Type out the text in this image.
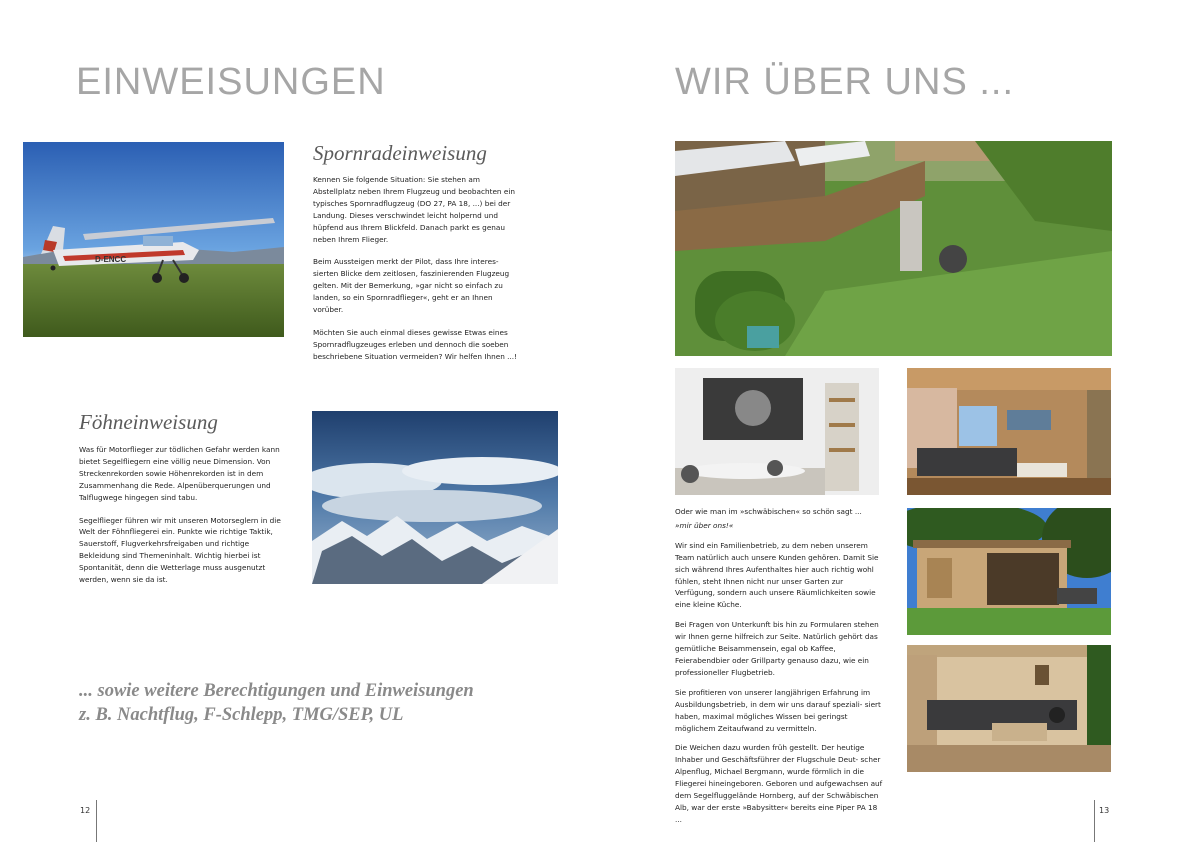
EINWEISUNGEN
D-ENCC
Spornradeinweisung

Kennen Sie folgende Situation: Sie stehen am Abstellplatz neben Ihrem Flugzeug und beobachten ein typisches Spornradflugzeug (DO 27, PA 18, ...) bei der Landung. Dieses verschwindet leicht holpernd und hüpfend aus Ihrem Blickfeld. Danach parkt es genau neben Ihrem Flieger.

Beim Aussteigen merkt der Pilot, dass Ihre interes- sierten Blicke dem zeitlosen, faszinierenden Flugzeug gelten. Mit der Bemerkung, »gar nicht so einfach zu landen, so ein Spornradflieger«, geht er an Ihnen vorüber.

Möchten Sie auch einmal dieses gewisse Etwas eines Spornradflugzeuges erleben und dennoch die soeben beschriebene Situation vermeiden? Wir helfen Ihnen ...!

Föhneinweisung

Was für Motorflieger zur tödlichen Gefahr werden kann bietet Segelfliegern eine völlig neue Dimension. Von Streckenrekorden sowie Höhenrekorden ist in dem Zusammenhang die Rede. Alpenüberquerungen und Talflugwege hingegen sind tabu.

Segelflieger führen wir mit unseren Motorseglern in die Welt der Föhnfliegerei ein. Punkte wie richtige Taktik, Sauerstoff, Flugverkehrsfreigaben und richtige Bekleidung sind Themeninhalt. Wichtig hierbei ist Spontanität, denn die Wetterlage muss ausgenutzt werden, wenn sie da ist.

... sowie weitere Berechtigungen und Einweisungen
z. B. Nachtflug, F-Schlepp, TMG/SEP, UL
12
WIR ÜBER UNS ...

Oder wie man im »schwäbischen« so schön sagt ...

»mir über ons!«

Wir sind ein Familienbetrieb, zu dem neben unserem Team natürlich auch unsere Kunden gehören. Damit Sie sich während Ihres Aufenthaltes hier auch richtig wohl fühlen, steht Ihnen nicht nur unser Garten zur Verfügung, sondern auch unsere Räumlichkeiten sowie eine kleine Küche.

Bei Fragen von Unterkunft bis hin zu Formularen stehen wir Ihnen gerne hilfreich zur Seite. Natürlich gehört das gemütliche Beisammensein, egal ob Kaffee, Feierabendbier oder Grillparty genauso dazu, wie ein professioneller Flugbetrieb.

Sie profitieren von unserer langjährigen Erfahrung im Ausbildungsbetrieb, in dem wir uns darauf speziali- siert haben, maximal mögliches Wissen bei geringst möglichem Zeitaufwand zu vermitteln.

Die Weichen dazu wurden früh gestellt. Der heutige Inhaber und Geschäftsführer der Flugschule Deut- scher Alpenflug, Michael Bergmann, wurde förmlich in die Fliegerei hineingeboren. Geboren und aufgewachsen auf dem Segelfluggelände Hornberg, auf der Schwäbischen Alb, war der erste »Babysitter« bereits eine Piper PA 18 ...

13
